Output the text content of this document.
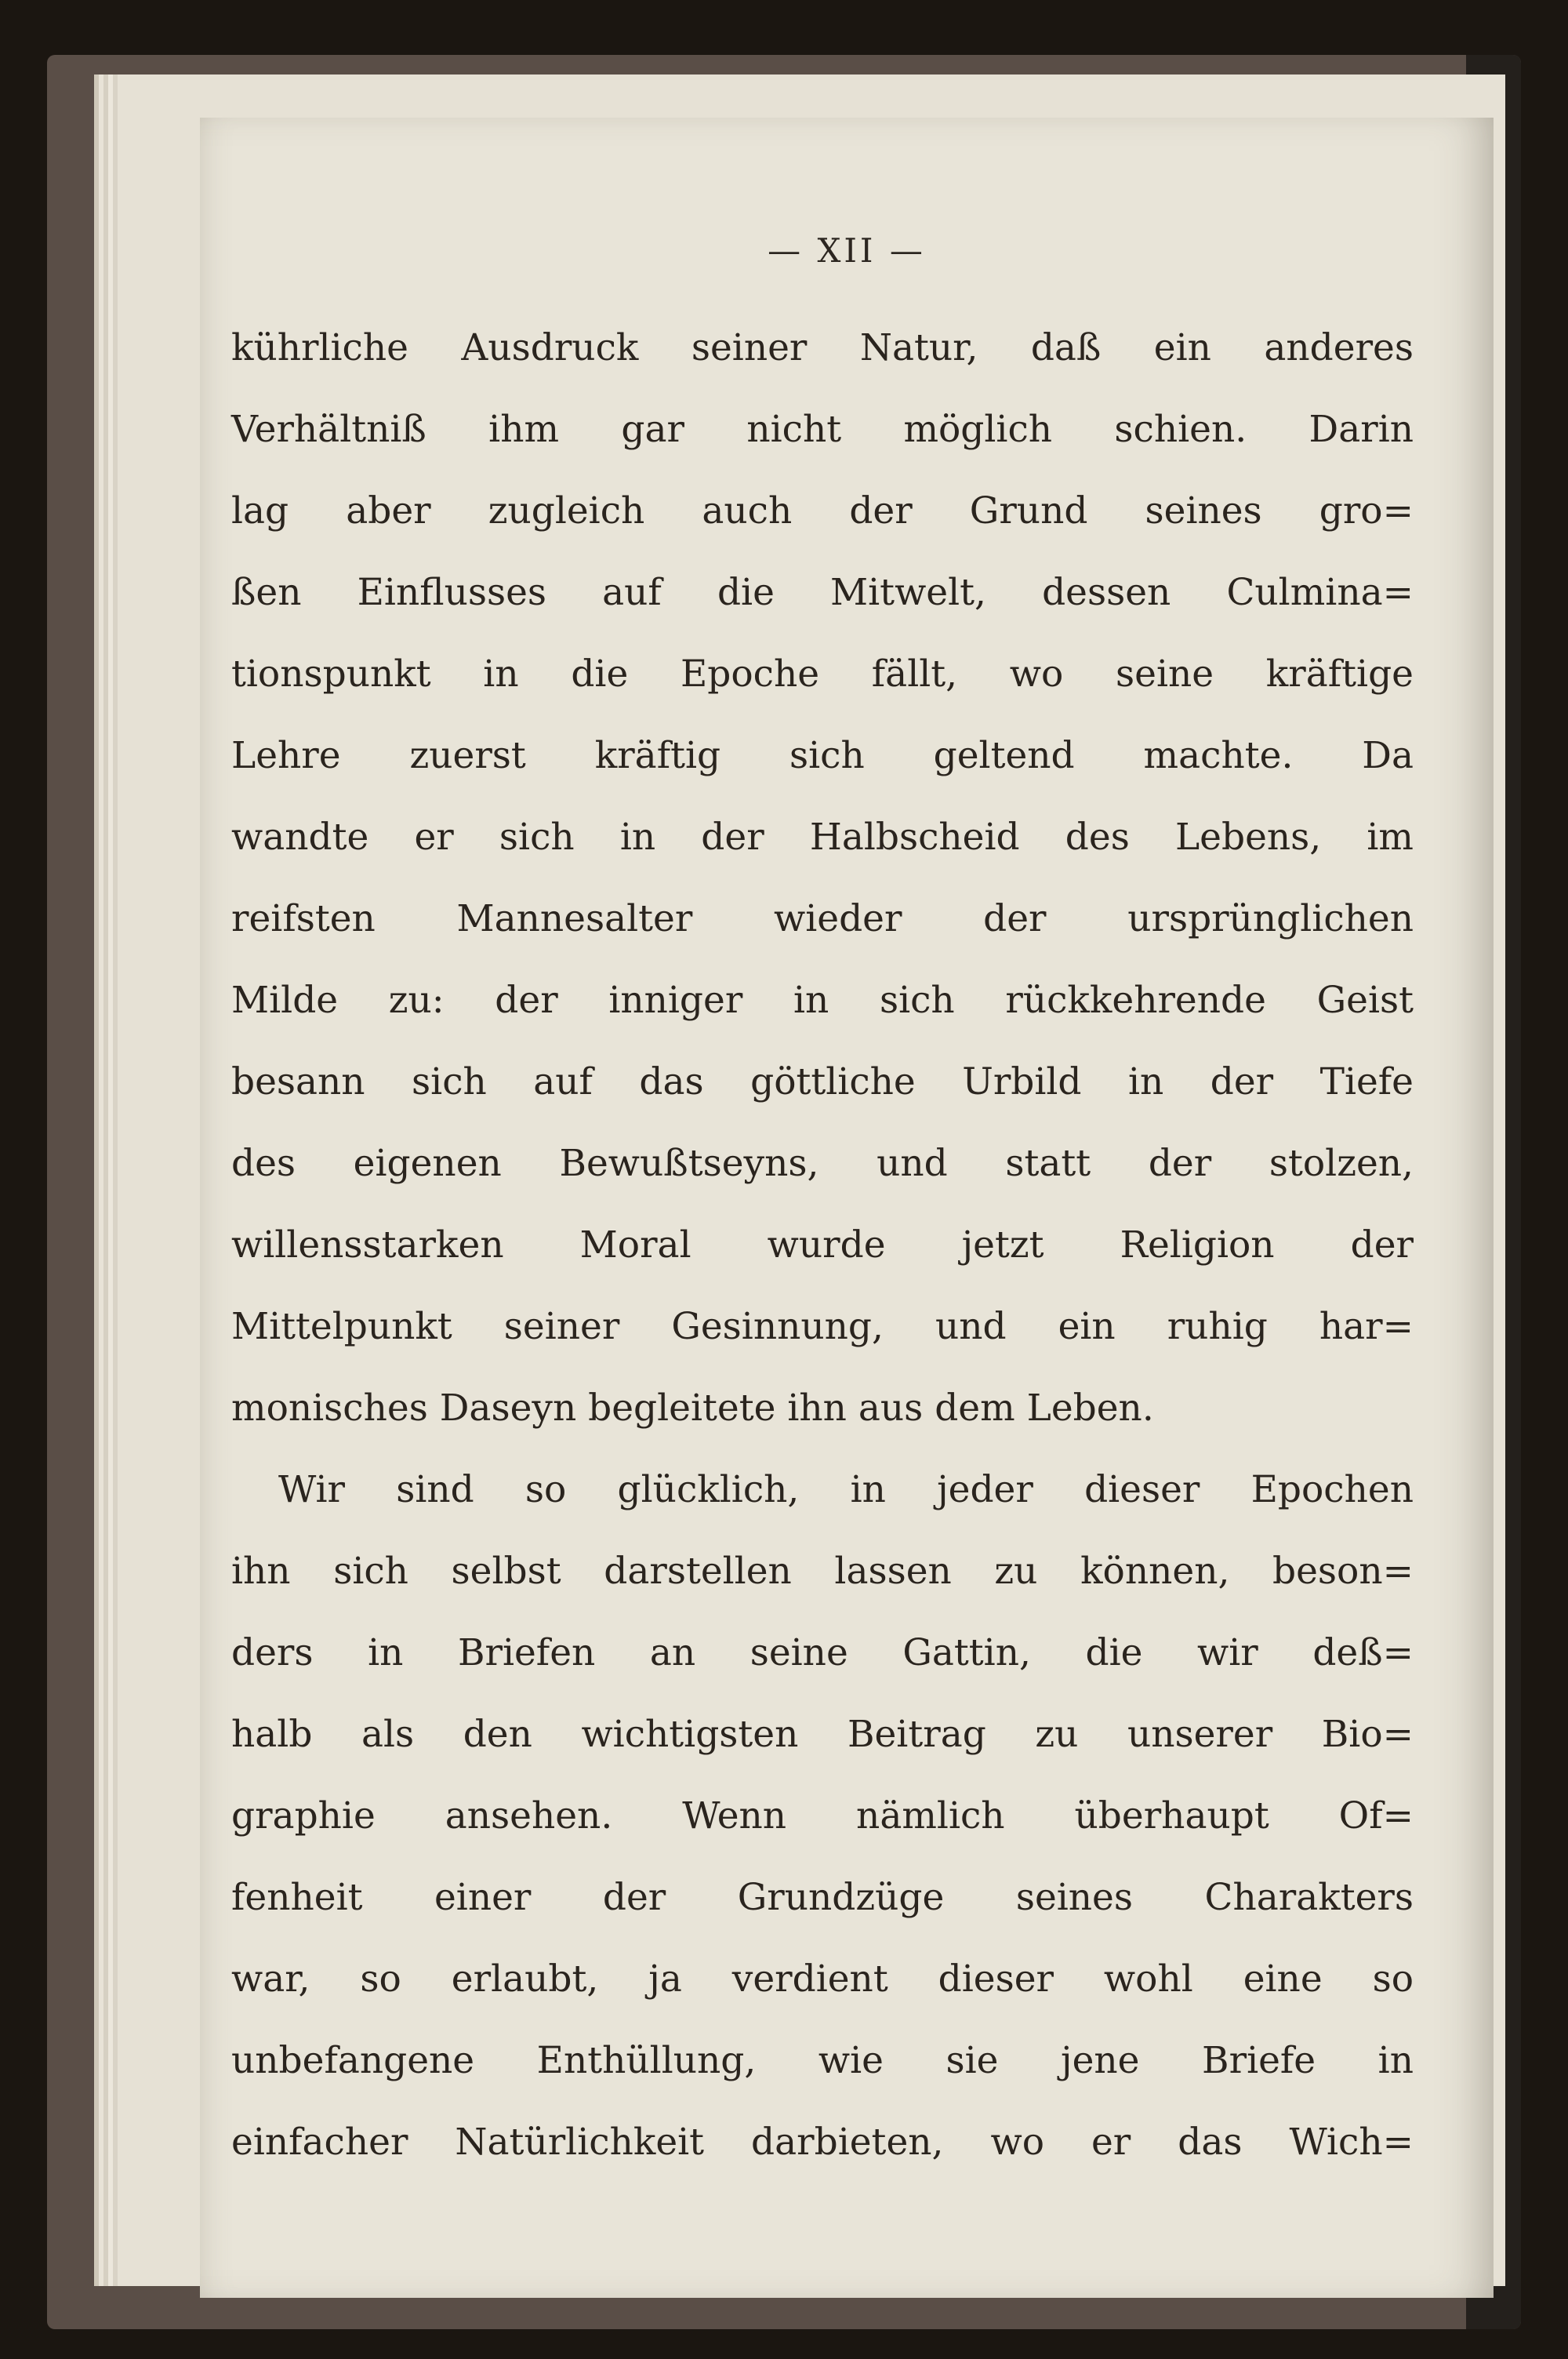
— XII —
kührliche Ausdruck seiner Natur, daß ein anderes
Verhältniß ihm gar nicht möglich schien. Darin
lag aber zugleich auch der Grund seines gro=
ßen Einflusses auf die Mitwelt, dessen Culmina=
tionspunkt in die Epoche fällt, wo seine kräftige
Lehre zuerst kräftig sich geltend machte. Da
wandte er sich in der Halbscheid des Lebens, im
reifsten Mannesalter wieder der ursprünglichen
Milde zu: der inniger in sich rückkehrende Geist
besann sich auf das göttliche Urbild in der Tiefe
des eigenen Bewußtseyns, und statt der stolzen,
willensstarken Moral wurde jetzt Religion der
Mittelpunkt seiner Gesinnung, und ein ruhig har=
monisches Daseyn begleitete ihn aus dem Leben.
Wir sind so glücklich, in jeder dieser Epochen
ihn sich selbst darstellen lassen zu können, beson=
ders in Briefen an seine Gattin, die wir deß=
halb als den wichtigsten Beitrag zu unserer Bio=
graphie ansehen. Wenn nämlich überhaupt Of=
fenheit einer der Grundzüge seines Charakters
war, so erlaubt, ja verdient dieser wohl eine so
unbefangene Enthüllung, wie sie jene Briefe in
einfacher Natürlichkeit darbieten, wo er das Wich=
